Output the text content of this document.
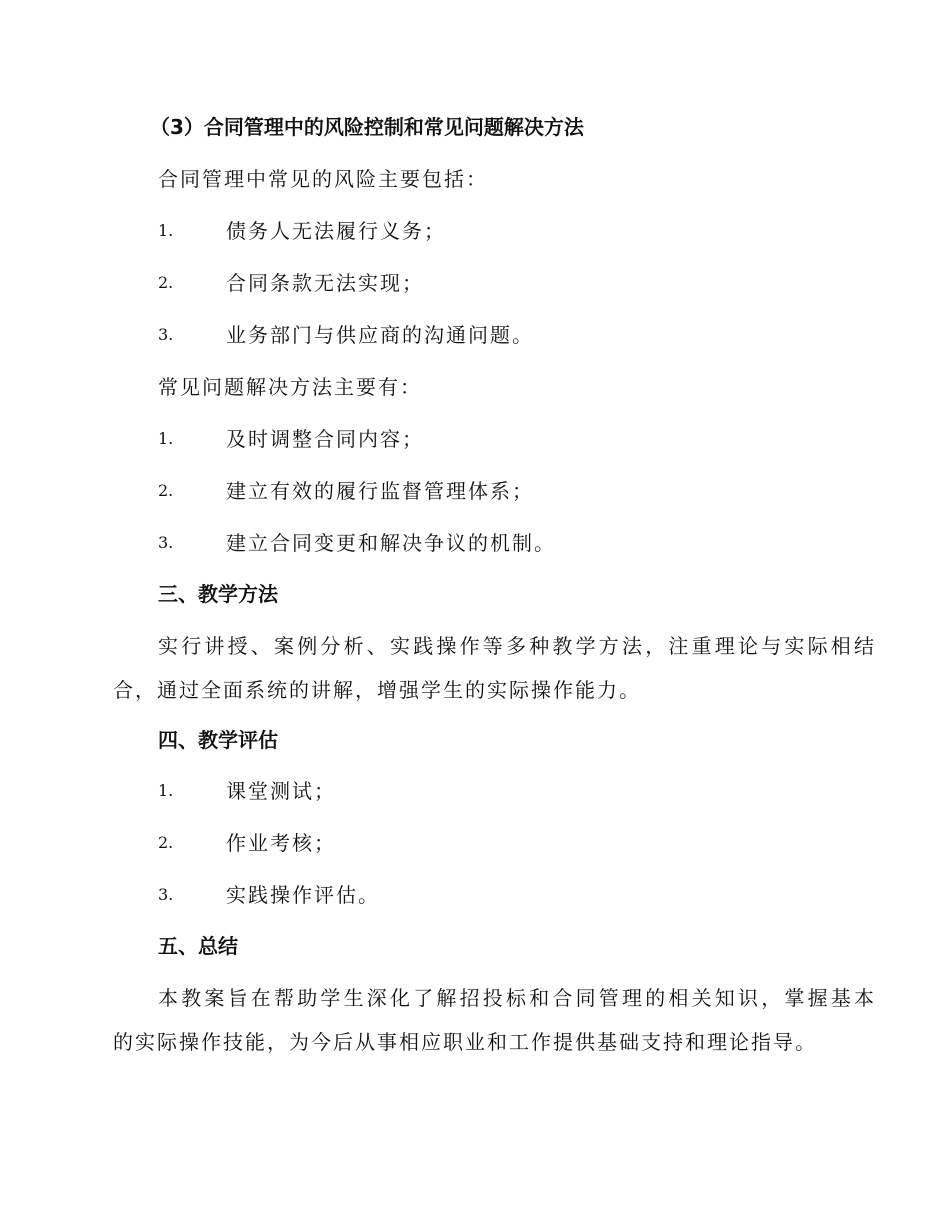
（3）合同管理中的风险控制和常见问题解决方法
合同管理中常见的风险主要包括：
1.	债务人无法履行义务；
2.	合同条款无法实现；
3.	业务部门与供应商的沟通问题。
常见问题解决方法主要有：
1.	及时调整合同内容；
2.	建立有效的履行监督管理体系；
3.	建立合同变更和解决争议的机制。
三、教学方法
实行讲授、案例分析、实践操作等多种教学方法，注重理论与实际相结
合，通过全面系统的讲解，增强学生的实际操作能力。
四、教学评估
1.	课堂测试；
2.	作业考核；
3.	实践操作评估。
五、总结
本教案旨在帮助学生深化了解招投标和合同管理的相关知识，掌握基本
的实际操作技能，为今后从事相应职业和工作提供基础支持和理论指导。
